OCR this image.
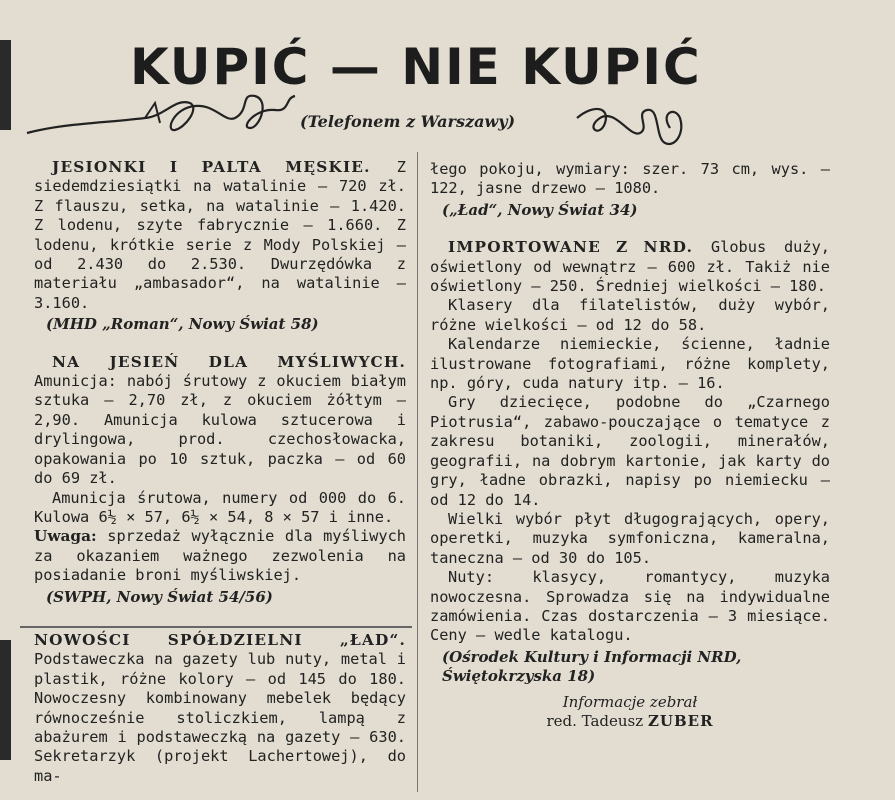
KUPIĆ — NIE KUPIĆ
(Telefonem z Warszawy)

JESIONKI I PALTA MĘSKIE. Z siedemdziesiątki na watalinie — 720 zł. Z flauszu, setka, na watalinie — 1.420. Z lodenu, szyte fabrycznie — 1.660. Z lodenu, krótkie serie z Mody Polskiej — od 2.430 do 2.530. Dwurzędówka z materiału „ambasador“, na watalinie — 3.160.

(MHD „Roman“, Nowy Świat 58)

NA JESIEŃ DLA MYŚLIWYCH. Amunicja: nabój śrutowy z okuciem białym sztuka — 2,70 zł, z okuciem żółtym — 2,90. Amunicja kulowa sztucerowa i drylingowa, prod. czechosłowacka, opakowania po 10 sztuk, paczka — od 60 do 69 zł.

Amunicja śrutowa, numery od 000 do 6. Kulowa 6½ × 57, 6½ × 54, 8 × 57 i inne.

Uwaga: sprzedaż wyłącznie dla myśliwych za okazaniem ważnego zezwolenia na posiadanie broni myśliwskiej.

(SWPH, Nowy Świat 54/56)

NOWOŚCI SPÓŁDZIELNI „ŁAD“. Podstaweczka na gazety lub nuty, metal i plastik, różne kolory — od 145 do 180. Nowoczesny kombinowany mebelek będący równocześnie stoliczkiem, lampą z abażurem i podstaweczką na gazety — 630. Sekretarzyk (projekt Lachertowej), do ma-

łego pokoju, wymiary: szer. 73 cm, wys. — 122, jasne drzewo — 1080.

(„Ład“, Nowy Świat 34)

IMPORTOWANE Z NRD. Globus duży, oświetlony od wewnątrz — 600 zł. Takiż nie oświetlony — 250. Średniej wielkości — 180.

Klasery dla filatelistów, duży wybór, różne wielkości — od 12 do 58.

Kalendarze niemieckie, ścienne, ładnie ilustrowane fotografiami, różne komplety, np. góry, cuda natury itp. — 16.

Gry dziecięce, podobne do „Czarnego Piotrusia“, zabawo-pouczające o tematyce z zakresu botaniki, zoologii, minerałów, geografii, na dobrym kartonie, jak karty do gry, ładne obrazki, napisy po niemiecku — od 12 do 14.

Wielki wybór płyt długogrających, opery, operetki, muzyka symfoniczna, kameralna, taneczna — od 30 do 105.

Nuty: klasycy, romantycy, muzyka nowoczesna. Sprowadza się na indywidualne zamówienia. Czas dostarczenia — 3 miesiące. Ceny — wedle katalogu.

(Ośrodek Kultury i Informacji NRD, Świętokrzyska 18)

Informacje zebrał
red. Tadeusz ZUBER
